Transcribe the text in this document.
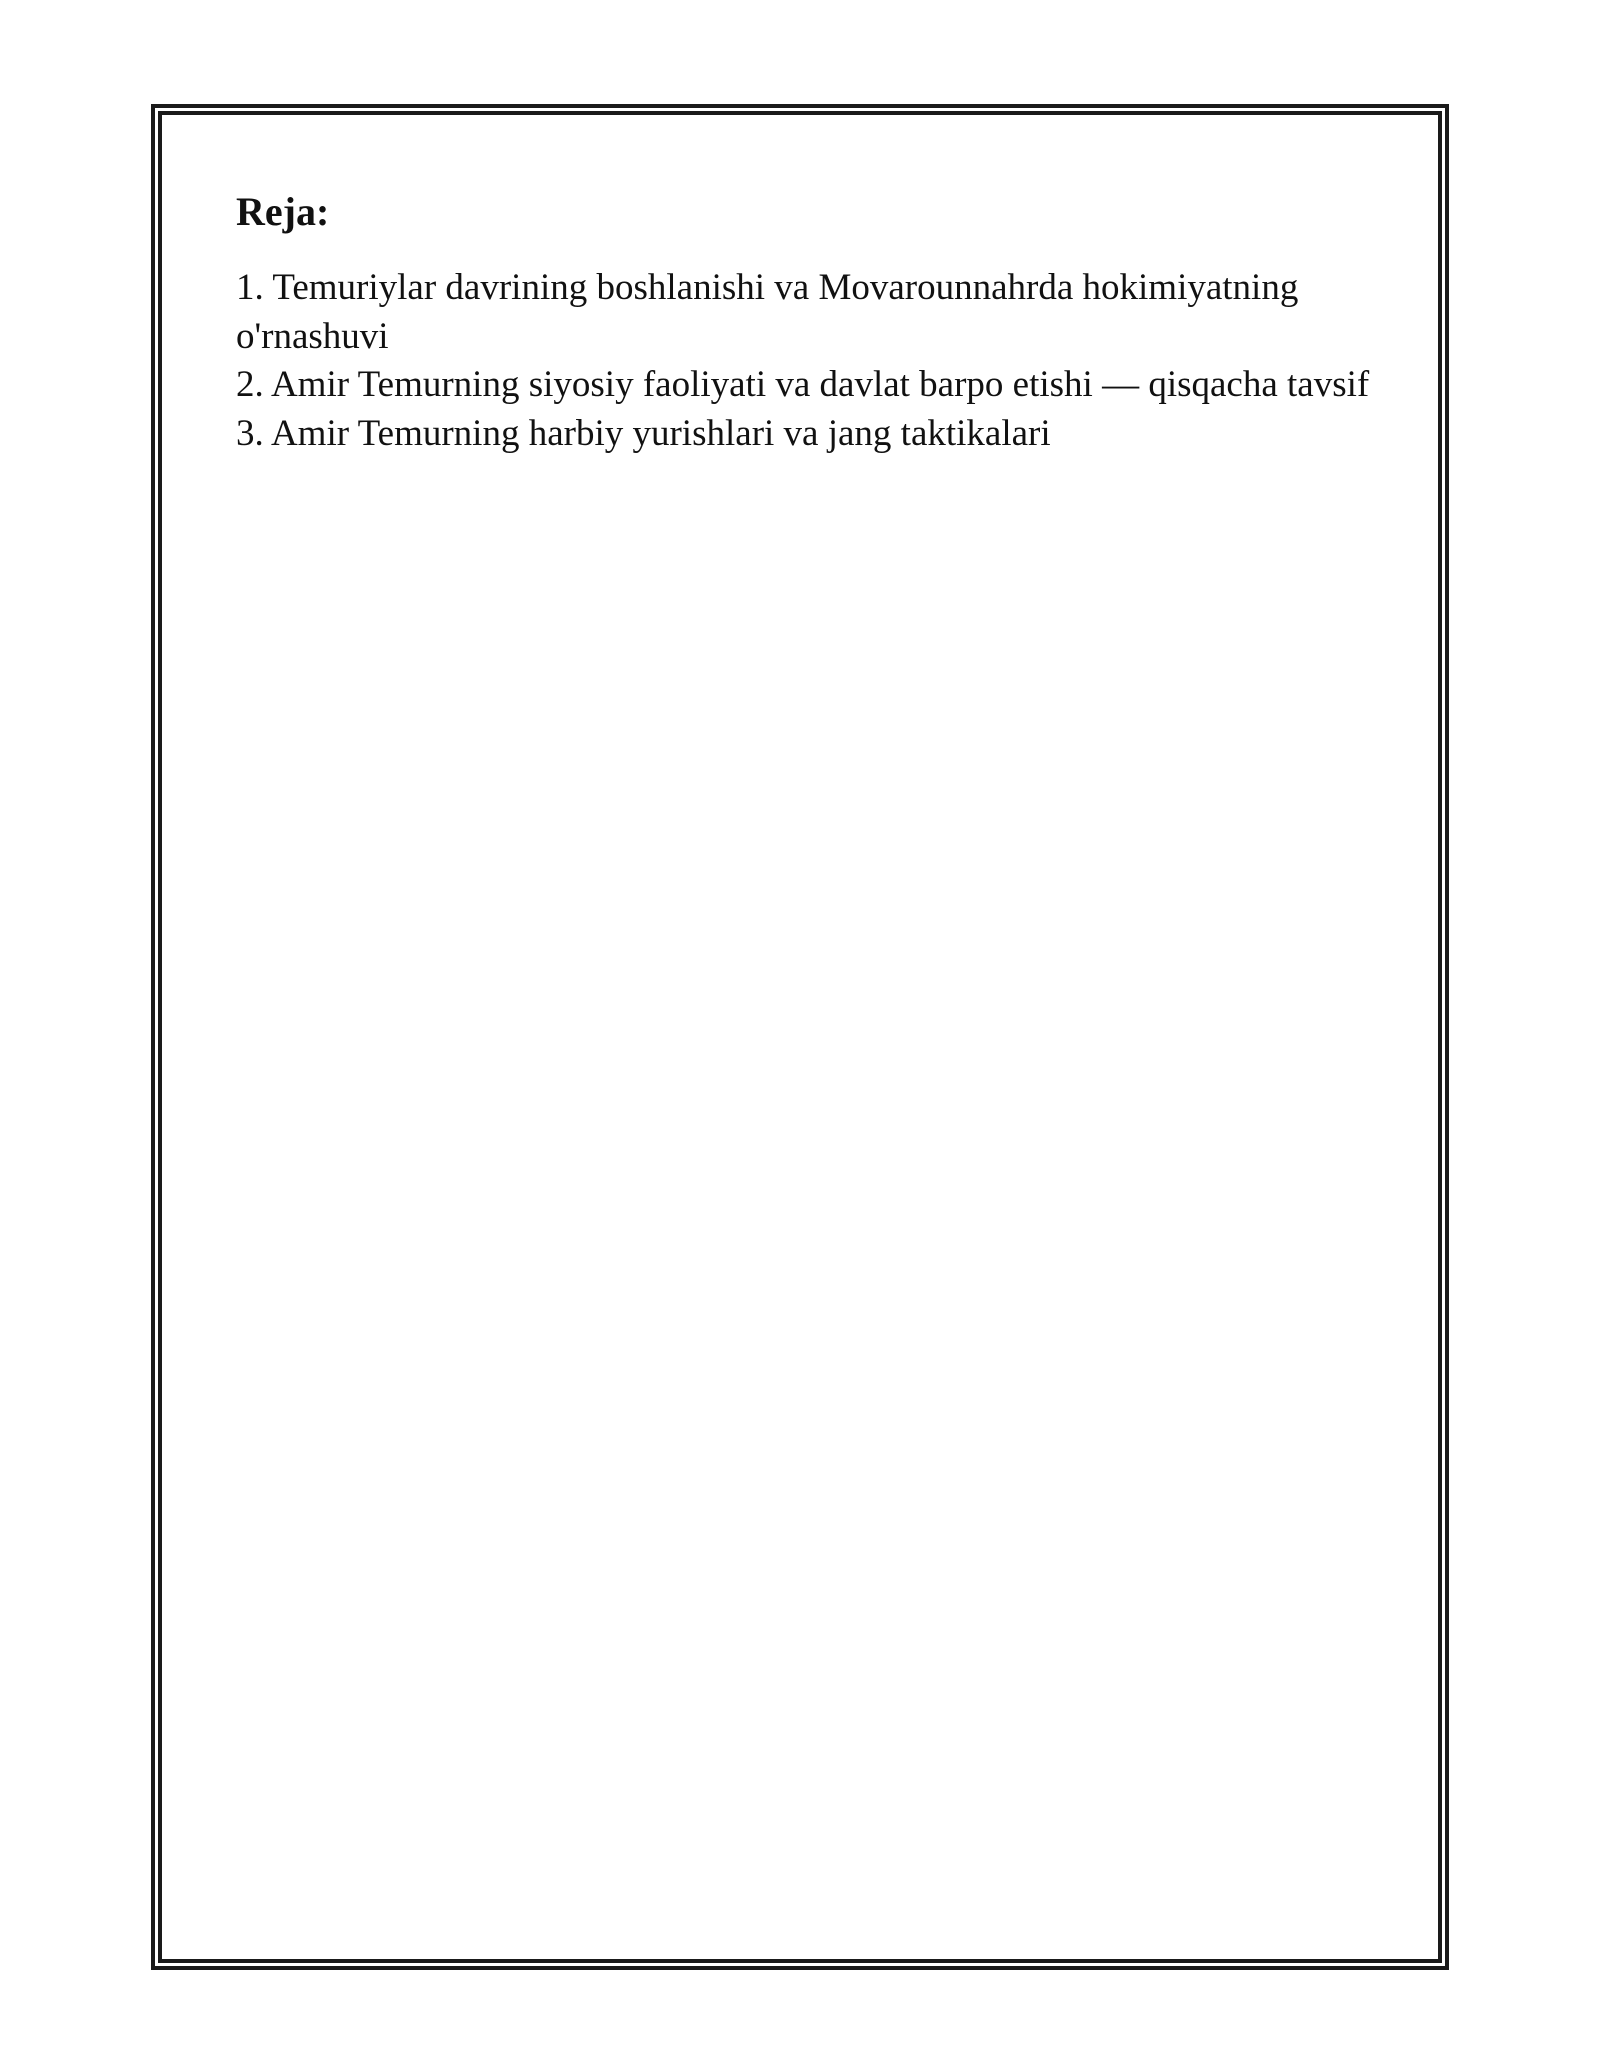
Reja:
1. Temuriylar davrining boshlanishi va Movarounnahrda hokimiyatning o'rnashuvi
2. Amir Temurning siyosiy faoliyati va davlat barpo etishi — qisqacha tavsif
3. Amir Temurning harbiy yurishlari va jang taktikalari
